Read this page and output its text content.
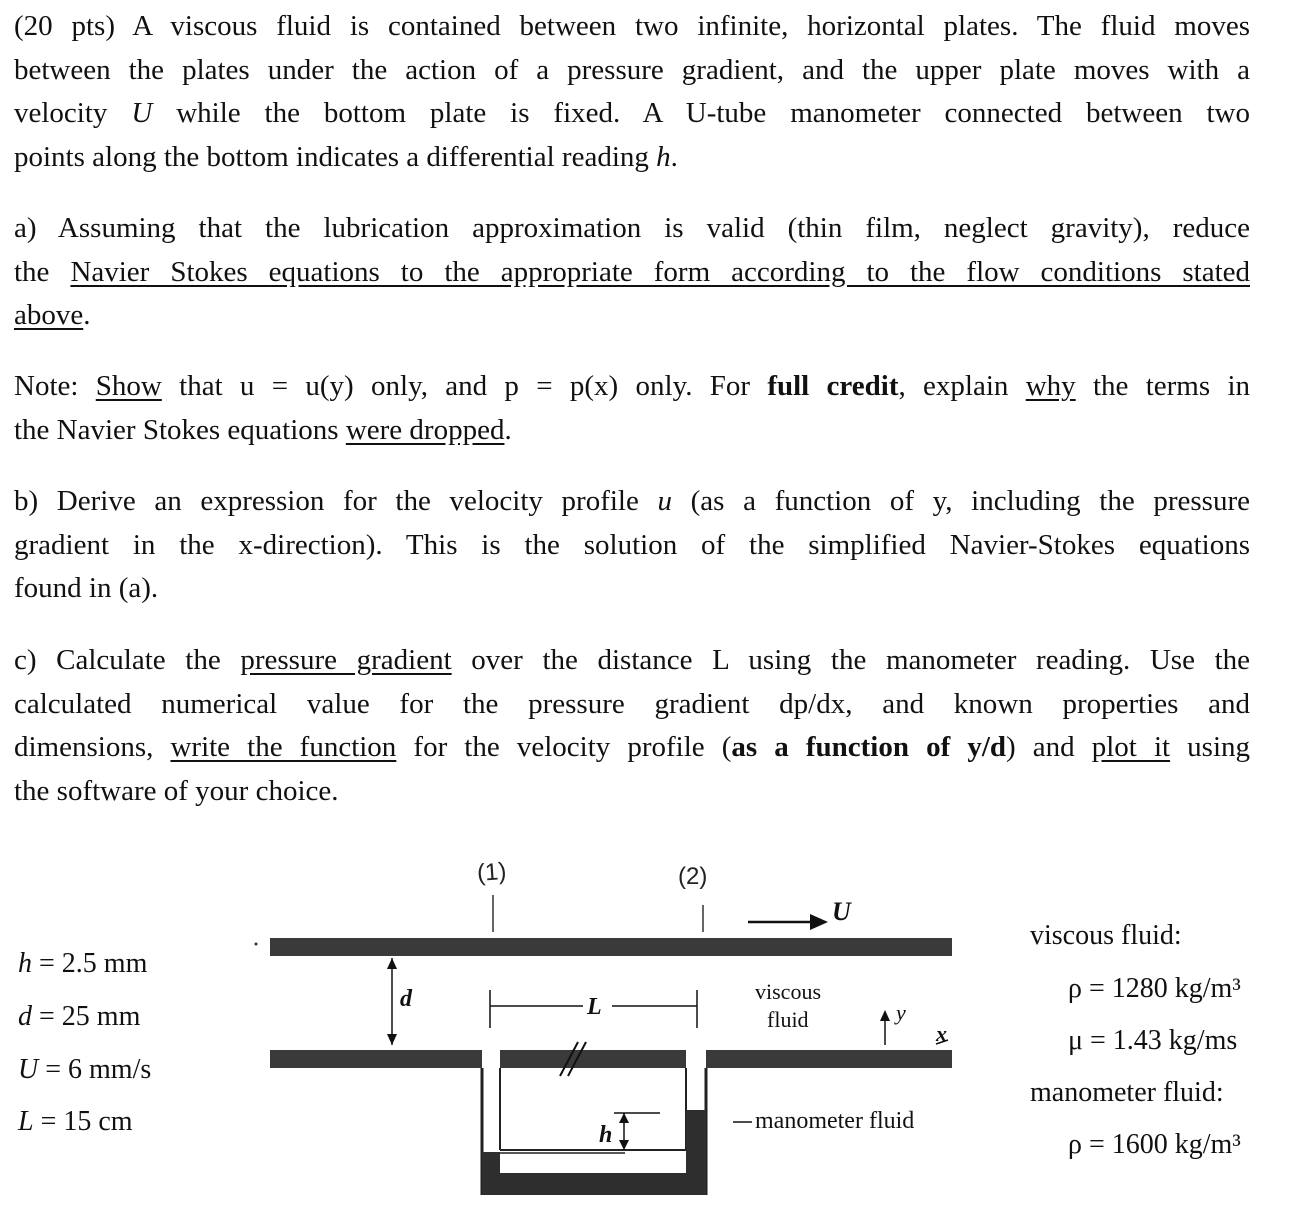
(20 pts) A viscous fluid is contained between two infinite, horizontal plates. The fluid moves
between the plates under the action of a pressure gradient, and the upper plate moves with a
velocity U while the bottom plate is fixed. A U-tube manometer connected between two
points along the bottom indicates a differential reading h.
a) Assuming that the lubrication approximation is valid (thin film, neglect gravity), reduce
the Navier Stokes equations to the appropriate form according to the flow conditions stated
above.
Note: Show that u = u(y) only, and p = p(x) only. For full credit, explain why the terms in
the Navier Stokes equations were dropped.
b) Derive an expression for the velocity profile u (as a function of y, including the pressure
gradient in the x-direction). This is the solution of the simplified Navier-Stokes equations
found in (a).
c) Calculate the pressure gradient over the distance L using the manometer reading. Use the
calculated numerical value for the pressure gradient dp/dx, and known properties and
dimensions, write the function for the velocity profile (as a function of y/d) and plot it using
the software of your choice.
h = 2.5 mm
d = 25 mm
U = 6 mm/s
L = 15 cm
(1)	(2)
U
d	L
h
manometer fluid
viscous
fluid	y
x
viscous fluid:
ρ = 1280 kg/m³
μ = 1.43 kg/ms
manometer fluid:
ρ = 1600 kg/m³
